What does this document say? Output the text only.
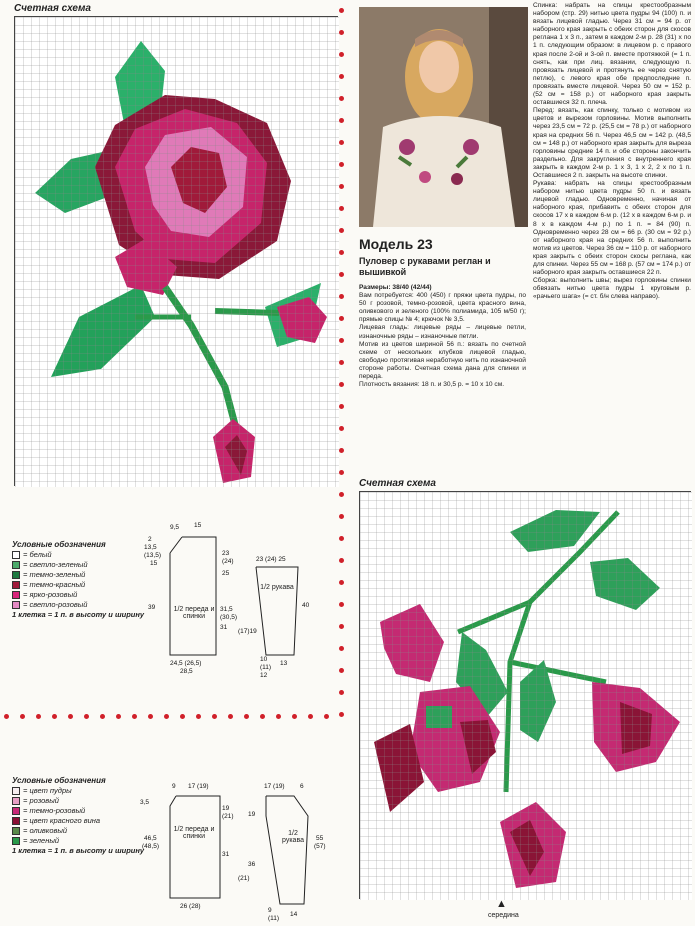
Счетная схема
Условные обозначения
= белый
= светло-зеленый
= темно-зеленый
= темно-красный
= ярко-розовый
= светло-розовый
1 клетка = 1 п. в высоту и ширину
9,5 15
2
13,5
(13,5)
15
23
(24)
25
39	31,5
(30,5)
31
24,5 (26,5)
28,5
23 (24) 25
40
(17)19
10
(11)
12
13
1/2 переда и спинки
1/2 рукава
Условные обозначения
= цвет пудры
= розовый
= темно-розовый
= цвет красного вина
= оливковый
= зеленый
1 клетка = 1 п. в высоту и ширину
9 17 (19)
3,5
19
(21)
46,5
(48,5)
31
26 (28)
17 (19) 6
19
36
55
(57)
(21)
9
(11)
14
1/2 переда и спинки	1/2 рукава
Модель 23
Пуловер с рукавами реглан и вышивкой
Размеры: 38/40 (42/44)
Вам потребуется: 400 (450) г пряжи цвета пудры, по 50 г розовой, темно-розовой, цвета красного вина, оливкового и зеленого (100% полиамида, 105 м/50 г); прямые спицы № 4; крючок № 3,5.
Лицевая гладь: лицевые ряды – лицевые петли, изнаночные ряды – изнаночные петли.
Мотив из цветов шириной 56 п.: вязать по счетной схеме от нескольких клубков лицевой гладью, свободно протягивая неработную нить по изнаночной стороне работы. Счетная схема дана для спинки и переда.
Плотность вязания: 18 п. и 30,5 р. = 10 х 10 см.
Спинка: набрать на спицы крестообразным набором (стр. 29) нитью цвета пудры 94 (100) п. и вязать лицевой гладью. Через 31 см = 94 р. от наборного края закрыть с обеих сторон для скосов реглана 1 х 3 п., затем в каждом 2-м р. 28 (31) х по 1 п. следующим образом: в лицевом р. с правого края после 2-ой и 3-ой п. вместе протяжкой (= 1 п. снять, как при лиц. вязании, следующую п. провязать лицевой и протянуть ее через снятую петлю), с левого края обе предпоследние п. провязать вместе лицевой. Через 50 см = 152 р. (52 см = 158 р.) от наборного края закрыть оставшиеся 32 п. плеча.
Перед: вязать, как спинку, только с мотивом из цветов и вырезом горловины. Мотив выполнить через 23,5 см = 72 р. (25,5 см = 78 р.) от наборного края на средних 56 п. Через 46,5 см = 142 р. (48,5 см = 148 р.) от наборного края закрыть для выреза горловины средние 14 п. и обе стороны закончить раздельно. Для закругления с внутреннего края закрыть в каждом 2-м р. 1 х 3, 1 х 2, 2 х по 1 п. Оставшиеся 2 п. закрыть на высоте спинки.
Рукава: набрать на спицы крестообразным набором нитью цвета пудры 50 п. и вязать лицевой гладью. Одновременно, начиная от наборного края, прибавить с обеих сторон для скосов 17 х в каждом 6-м р. (12 х в каждом 6-м р. и 8 х в каждом 4-м р.) по 1 п. = 84 (90) п. Одновременно через 28 см = 66 р. (30 см = 92 р.) от наборного края на средних 56 п. выполнить мотив из цветов. Через 36 см = 110 р. от наборного края закрыть с обеих сторон скосы реглана, как для спинки. Через 55 см = 168 р. (57 см = 174 р.) от наборного края закрыть оставшиеся 22 п.
Сборка: выполнить швы; вырез горловины спинки обвязать нитью цвета пудры 1 круговым р. «рачьего шага» (= ст. б/н слева направо).
Счетная схема
▲
середина
